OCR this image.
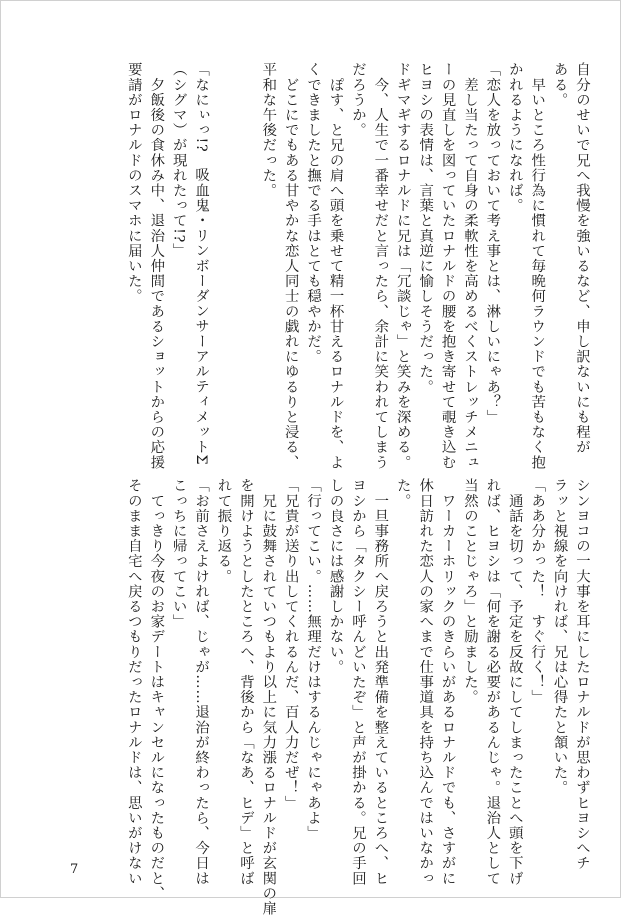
自分のせいで兄へ我慢を強いるなど、申し訳ないにも程が
ある。
　早いところ性行為に慣れて毎晩何ラウンドでも苦もなく抱
かれるようになれば。
「恋人を放っておいて考え事とは、淋しいにゃあ？」
　差し当たって自身の柔軟性を高めるべくストレッチメニュ
ーの見直しを図っていたロナルドの腰を抱き寄せて覗き込む
ヒヨシの表情は、言葉と真逆に愉しそうだった。
ドギマギするロナルドに兄は「冗談じゃ」と笑みを深める。
　今、人生で一番幸せだと言ったら、余計に笑われてしまう
だろうか。
　ぽす、と兄の肩へ頭を乗せて精一杯甘えるロナルドを、よ
くできましたと撫でる手はとても穏やかだ。
　どこにでもある甘やかな恋人同士の戯れにゆるりと浸る、
平和な午後だった。

「なにぃっ!?　吸血鬼・リンボーダンサーアルティメットΣ
（シグマ）が現れたって!?」
　夕飯後の食休み中、退治人仲間であるショットからの応援
要請がロナルドのスマホに届いた。
シンヨコの一大事を耳にしたロナルドが思わずヒヨシへチ
ラッと視線を向ければ、兄は心得たと頷いた。
「ああ分かった！　すぐ行く！」
　通話を切って、予定を反故にしてしまったことへ頭を下げ
れば、ヒヨシは「何を謝る必要があるんじゃ。退治人として
当然のことじゃろ」と励ました。
　ワーカーホリックのきらいがあるロナルドでも、さすがに
休日訪れた恋人の家へまで仕事道具を持ち込んではいなかっ
た。
　一旦事務所へ戻ろうと出発準備を整えているところへ、ヒ
ヨシから「タクシー呼んどいたぞ」と声が掛かる。兄の手回
しの良さには感謝しかない。
「行ってこい。……無理だけはするんじゃにゃあよ」
「兄貴が送り出してくれるんだ、百人力だぜ！」
　兄に鼓舞されていつもより以上に気力漲るロナルドが玄関の扉
を開けようとしたところへ、背後から「なあ、ヒデ」と呼ば
れて振り返る。
「お前さえよければ、じゃが……退治が終わったら、今日は
こっちに帰ってこい」
　てっきり今夜のお家デートはキャンセルになったものだと、
そのまま自宅へ戻るつもりだったロナルドは、思いがけない
7
